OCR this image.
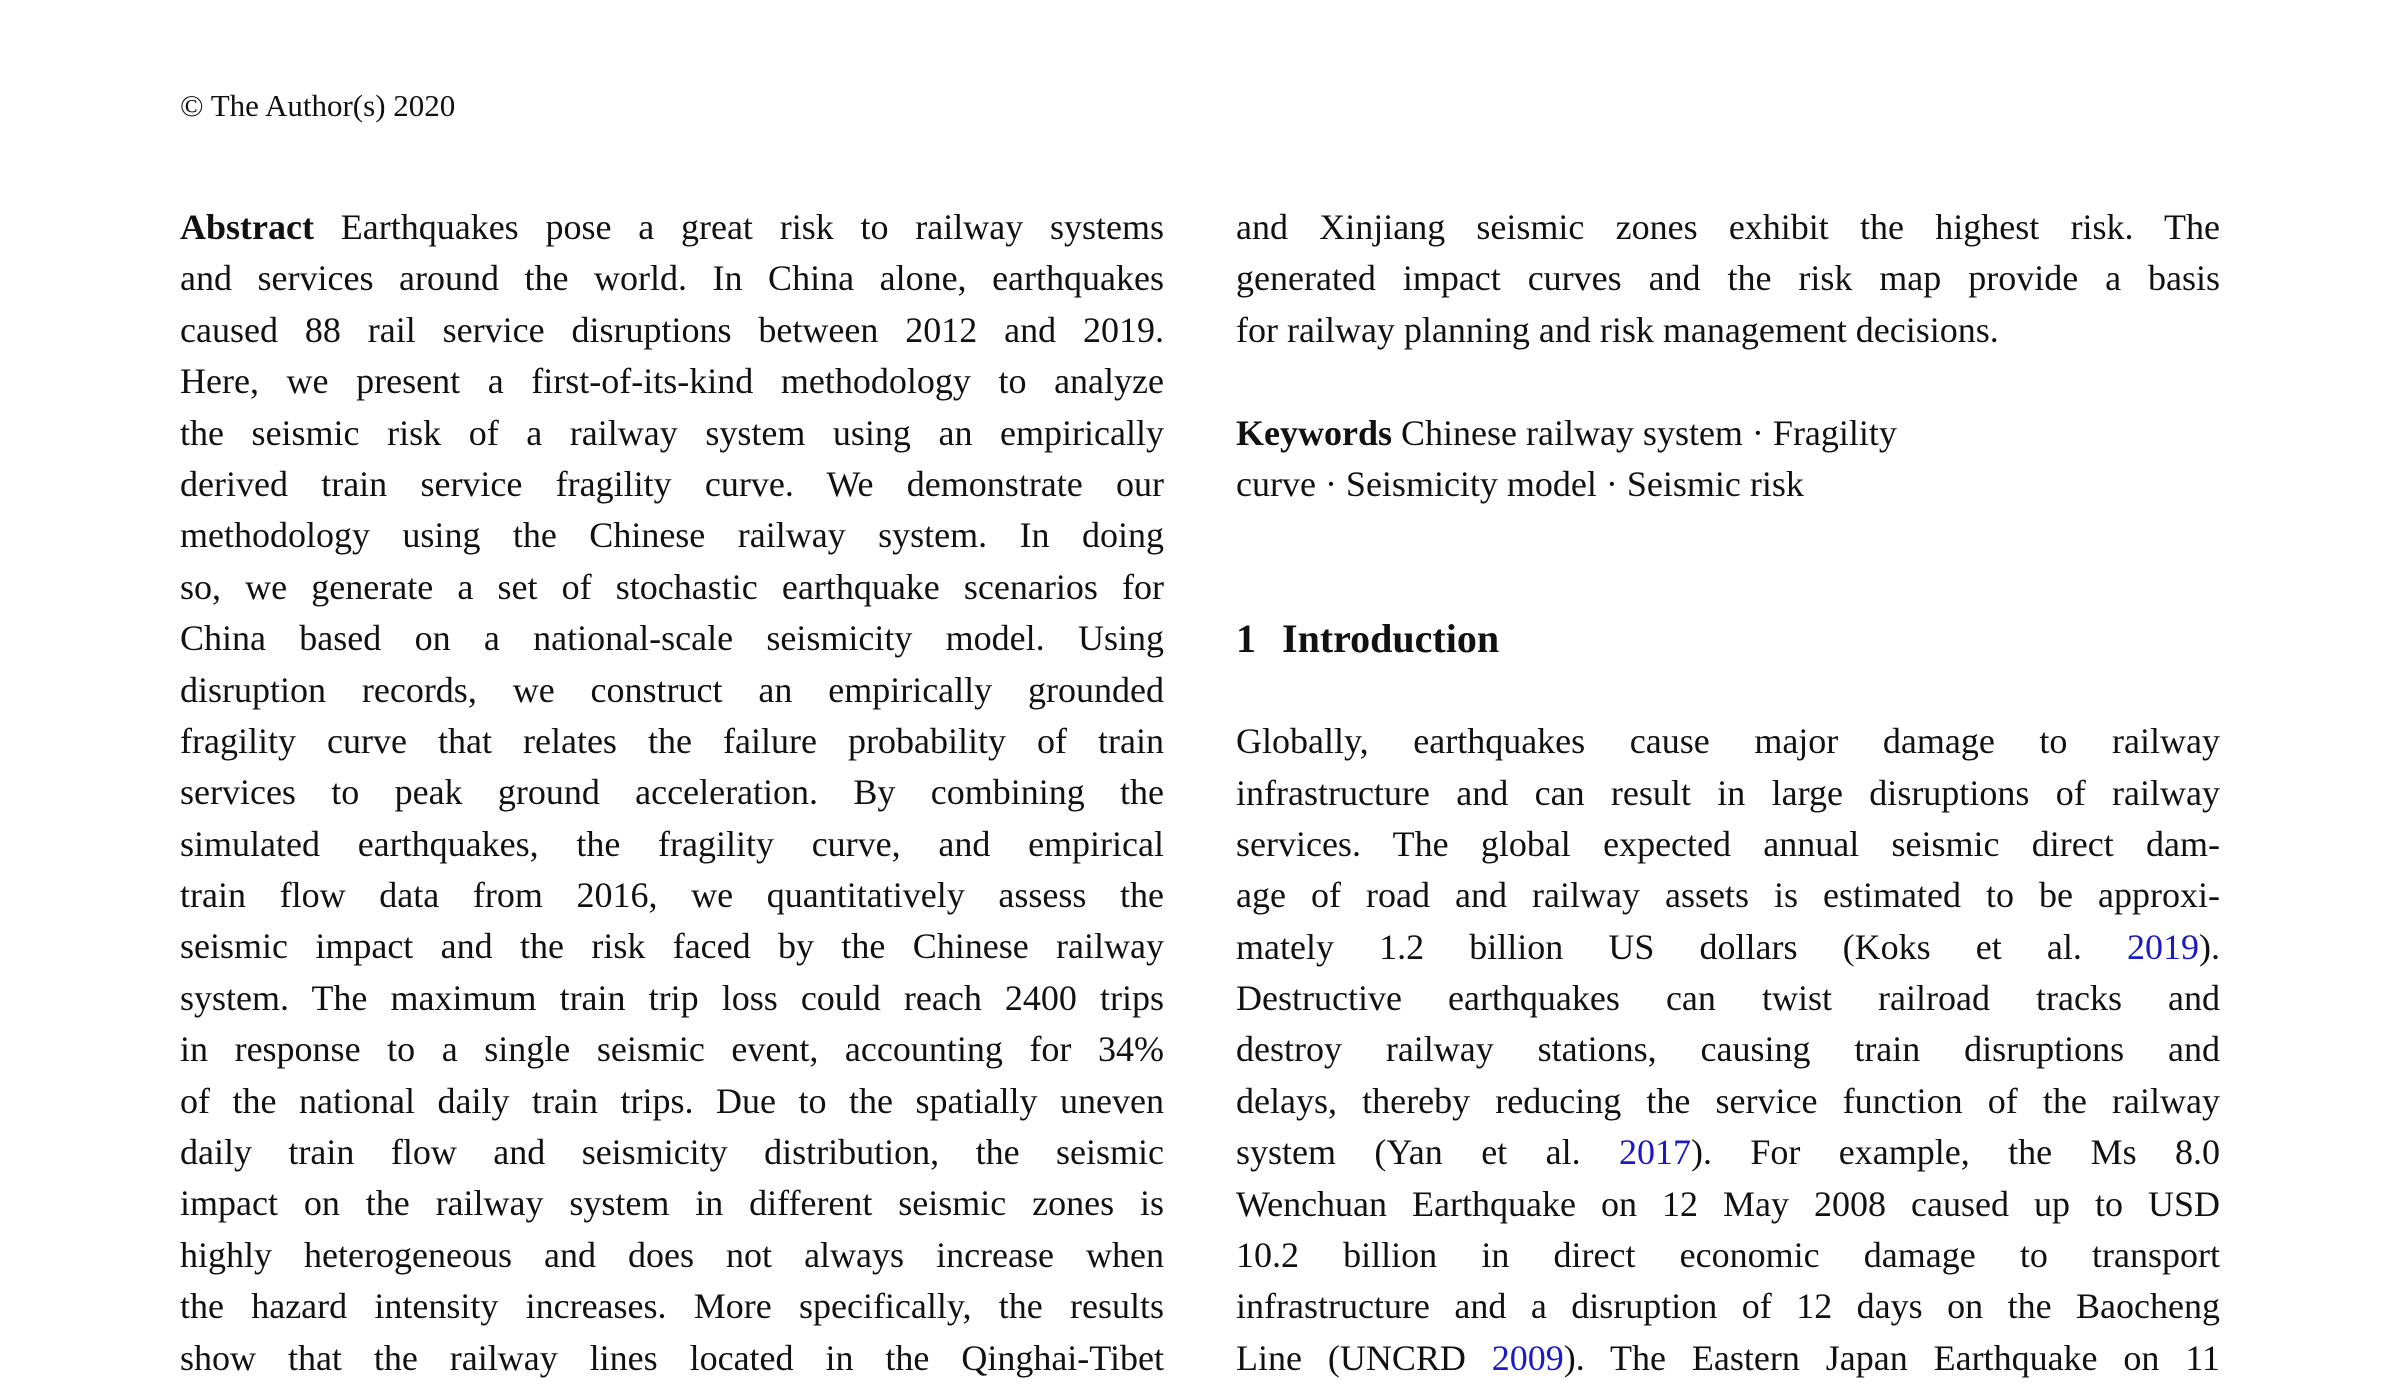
© The Author(s) 2020
Abstract Earthquakes pose a great risk to railway systems
and services around the world. In China alone, earthquakes
caused 88 rail service disruptions between 2012 and 2019.
Here, we present a first-of-its-kind methodology to analyze
the seismic risk of a railway system using an empirically
derived train service fragility curve. We demonstrate our
methodology using the Chinese railway system. In doing
so, we generate a set of stochastic earthquake scenarios for
China based on a national-scale seismicity model. Using
disruption records, we construct an empirically grounded
fragility curve that relates the failure probability of train
services to peak ground acceleration. By combining the
simulated earthquakes, the fragility curve, and empirical
train flow data from 2016, we quantitatively assess the
seismic impact and the risk faced by the Chinese railway
system. The maximum train trip loss could reach 2400 trips
in response to a single seismic event, accounting for 34%
of the national daily train trips. Due to the spatially uneven
daily train flow and seismicity distribution, the seismic
impact on the railway system in different seismic zones is
highly heterogeneous and does not always increase when
the hazard intensity increases. More specifically, the results
show that the railway lines located in the Qinghai-Tibet
and Xinjiang seismic zones exhibit the highest risk. The
generated impact curves and the risk map provide a basis
for railway planning and risk management decisions.
Keywords Chinese railway system · Fragility
curve · Seismicity model · Seismic risk
1 Introduction
Globally, earthquakes cause major damage to railway
infrastructure and can result in large disruptions of railway
services. The global expected annual seismic direct dam-
age of road and railway assets is estimated to be approxi-
mately 1.2 billion US dollars (Koks et al. 2019).
Destructive earthquakes can twist railroad tracks and
destroy railway stations, causing train disruptions and
delays, thereby reducing the service function of the railway
system (Yan et al. 2017). For example, the Ms 8.0
Wenchuan Earthquake on 12 May 2008 caused up to USD
10.2 billion in direct economic damage to transport
infrastructure and a disruption of 12 days on the Baocheng
Line (UNCRD 2009). The Eastern Japan Earthquake on 11
